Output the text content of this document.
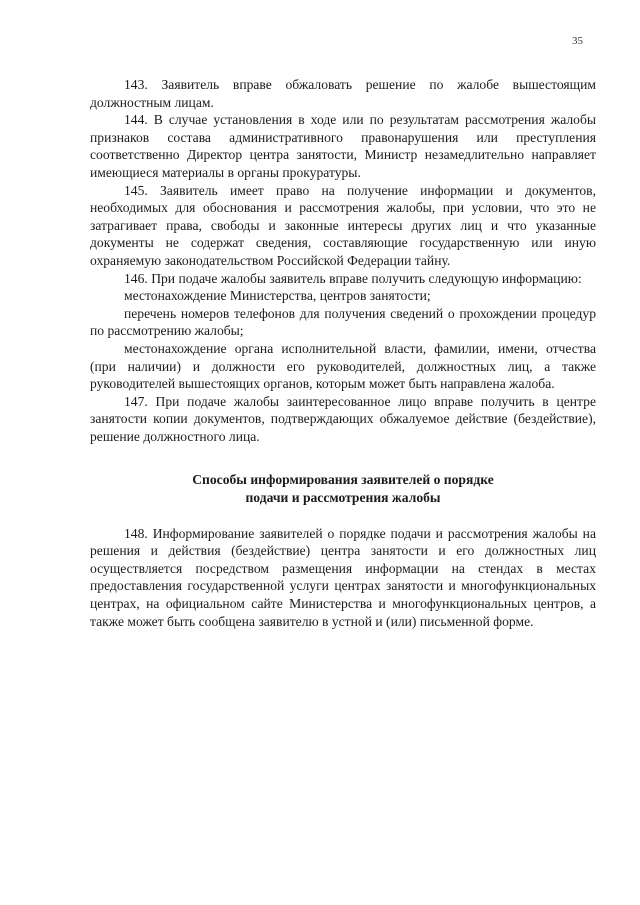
35

143. Заявитель вправе обжаловать решение по жалобе вышестоящим должностным лицам.

144. В случае установления в ходе или по результатам рассмотрения жалобы признаков состава административного правонарушения или преступления соответственно Директор центра занятости, Министр незамедлительно направляет имеющиеся материалы в органы прокуратуры.

145. Заявитель имеет право на получение информации и документов, необходимых для обоснования и рассмотрения жалобы, при условии, что это не затрагивает права, свободы и законные интересы других лиц и что указанные документы не содержат сведения, составляющие государственную или иную охраняемую законодательством Российской Федерации тайну.

146. При подаче жалобы заявитель вправе получить следующую информацию:

местонахождение Министерства, центров занятости;

перечень номеров телефонов для получения сведений о прохождении процедур по рассмотрению жалобы;

местонахождение органа исполнительной власти, фамилии, имени, отчества (при наличии) и должности его руководителей, должностных лиц, а также руководителей вышестоящих органов, которым может быть направлена жалоба.

147. При подаче жалобы заинтересованное лицо вправе получить в центре занятости копии документов, подтверждающих обжалуемое действие (бездействие), решение должностного лица.

Способы информирования заявителей о порядке
подачи и рассмотрения жалобы

148. Информирование заявителей о порядке подачи и рассмотрения жалобы на решения и действия (бездействие) центра занятости и его должностных лиц осуществляется посредством размещения информации на стендах в местах предоставления государственной услуги центрах занятости и многофункциональных центрах, на официальном сайте Министерства и многофункциональных центров, а также может быть сообщена заявителю в устной и (или) письменной форме.
